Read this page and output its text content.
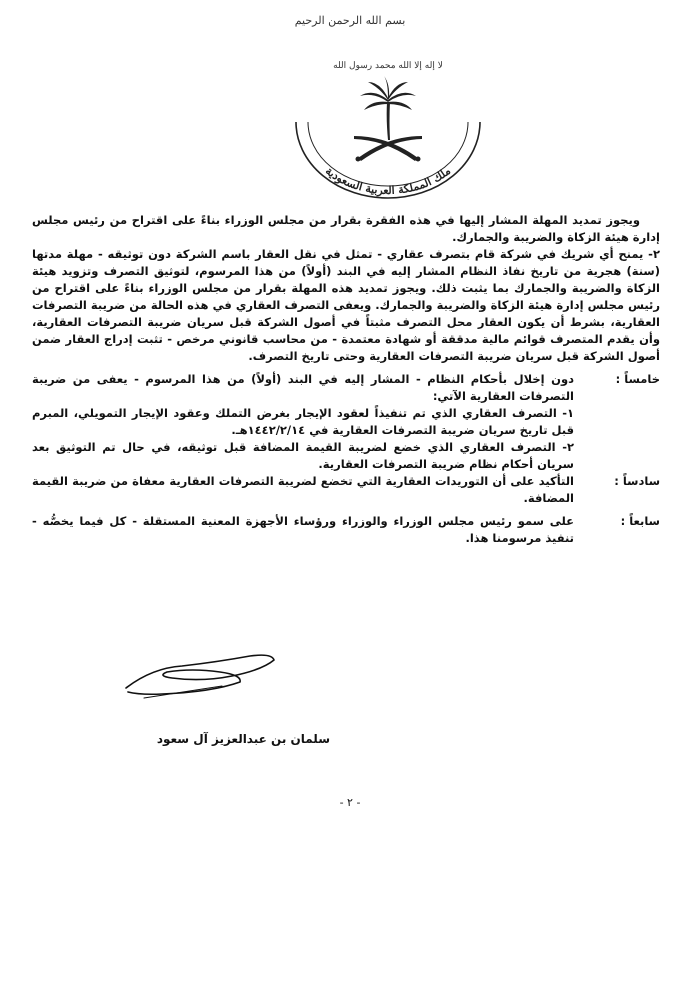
بسم الله الرحمن الرحيم
لا إله إلا الله محمد رسول الله
ملك المملكة العربية السعودية

ويجوز تمديد المهلة المشار إليها في هذه الفقرة بقرار من مجلس الوزراء بناءً على اقتراح من رئيس مجلس إدارة هيئة الزكاة والضريبة والجمارك.

٢- يمنح أي شريك في شركة قام بتصرف عقاري - تمثل في نقل العقار باسم الشركة دون توثيقه - مهلة مدتها (سنة) هجرية من تاريخ نفاذ النظام المشار إليه في البند (أولاً) من هذا المرسوم، لتوثيق التصرف وتزويد هيئة الزكاة والضريبة والجمارك بما يثبت ذلك. ويجوز تمديد هذه المهلة بقرار من مجلس الوزراء بناءً على اقتراح من رئيس مجلس إدارة هيئة الزكاة والضريبة والجمارك. ويعفى التصرف العقاري في هذه الحالة من ضريبة التصرفات العقارية، بشرط أن يكون العقار محل التصرف مثبتاً في أصول الشركة قبل سريان ضريبة التصرفات العقارية، وأن يقدم المتصرف قوائم مالية مدققة أو شهادة معتمدة - من محاسب قانوني مرخص - تثبت إدراج العقار ضمن أصول الشركة قبل سريان ضريبة التصرفات العقارية وحتى تاريخ التصرف.

خامساً :
دون إخلال بأحكام النظام - المشار إليه في البند (أولاً) من هذا المرسوم - يعفى من ضريبة التصرفات العقارية الآتي:
١- التصرف العقاري الذي تم تنفيذاً لعقود الإيجار بغرض التملك وعقود الإيجار التمويلي، المبرم قبل تاريخ سريان ضريبة التصرفات العقارية في ١٤٤٢/٢/١٤هـ.
٢- التصرف العقاري الذي خضع لضريبة القيمة المضافة قبل توثيقه، في حال تم التوثيق بعد سريان أحكام نظام ضريبة التصرفات العقارية.
سادساً :
التأكيد على أن التوريدات العقارية التي تخضع لضريبة التصرفات العقارية معفاة من ضريبة القيمة المضافة.
سابعاً :
على سمو رئيس مجلس الوزراء والوزراء ورؤساء الأجهزة المعنية المستقلة - كل فيما يخصُّه - تنفيذ مرسومنا هذا.
سلمان بن عبدالعزيز آل سعود
- ٢ -
